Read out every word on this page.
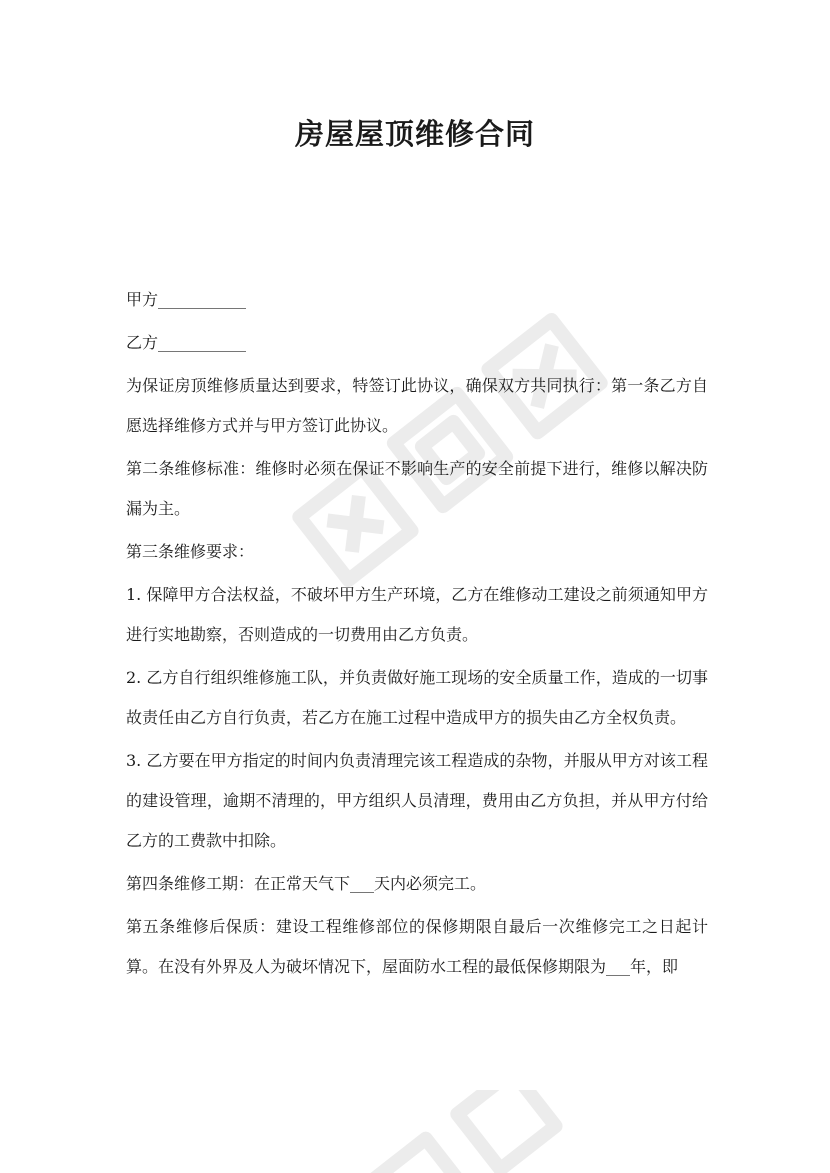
房屋屋顶维修合同

甲方___________

乙方___________

为保证房顶维修质量达到要求，特签订此协议，确保双方共同执行：第一条乙方自愿选择维修方式并与甲方签订此协议。

第二条维修标准：维修时必须在保证不影响生产的安全前提下进行，维修以解决防漏为主。

第三条维修要求：

1. 保障甲方合法权益，不破坏甲方生产环境，乙方在维修动工建设之前须通知甲方进行实地勘察，否则造成的一切费用由乙方负责。

2. 乙方自行组织维修施工队，并负责做好施工现场的安全质量工作，造成的一切事故责任由乙方自行负责，若乙方在施工过程中造成甲方的损失由乙方全权负责。

3. 乙方要在甲方指定的时间内负责清理完该工程造成的杂物，并服从甲方对该工程的建设管理，逾期不清理的，甲方组织人员清理，费用由乙方负担，并从甲方付给乙方的工费款中扣除。

第四条维修工期：在正常天气下___天内必须完工。

第五条维修后保质：建设工程维修部位的保修期限自最后一次维修完工之日起计算。在没有外界及人为破坏情况下，屋面防水工程的最低保修期限为___年，即
